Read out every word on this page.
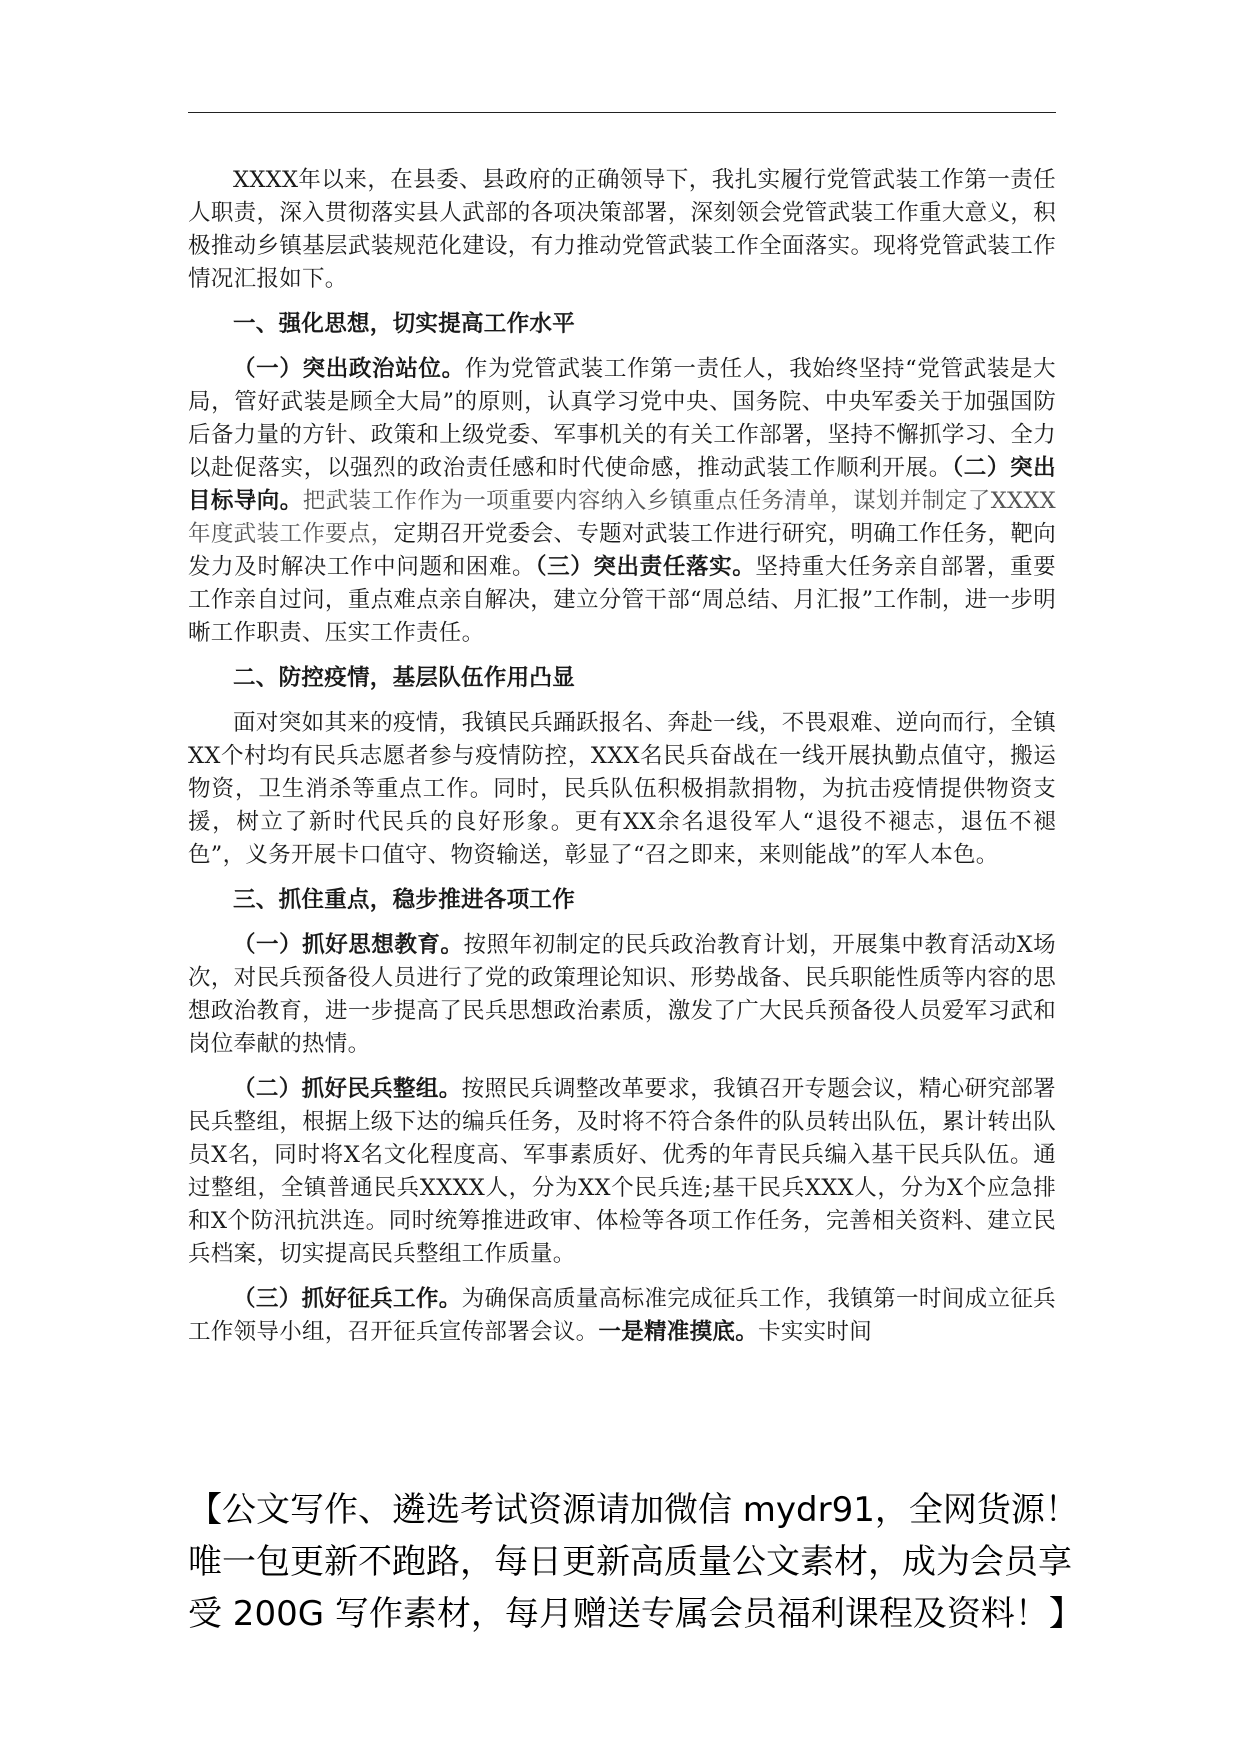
XXXX年以来，在县委、县政府的正确领导下，我扎实履行党管武装工作第一责任人职责，深入贯彻落实县人武部的各项决策部署，深刻领会党管武装工作重大意义，积极推动乡镇基层武装规范化建设，有力推动党管武装工作全面落实。现将党管武装工作情况汇报如下。

一、强化思想，切实提高工作水平

（一）突出政治站位。作为党管武装工作第一责任人，我始终坚持“党管武装是大局，管好武装是顾全大局”的原则，认真学习党中央、国务院、中央军委关于加强国防后备力量的方针、政策和上级党委、军事机关的有关工作部署，坚持不懈抓学习、全力以赴促落实，以强烈的政治责任感和时代使命感，推动武装工作顺利开展。（二）突出目标导向。把武装工作作为一项重要内容纳入乡镇重点任务清单，谋划并制定了XXXX年度武装工作要点，定期召开党委会、专题对武装工作进行研究，明确工作任务，靶向发力及时解决工作中问题和困难。（三）突出责任落实。坚持重大任务亲自部署，重要工作亲自过问，重点难点亲自解决，建立分管干部“周总结、月汇报”工作制，进一步明晰工作职责、压实工作责任。

二、防控疫情，基层队伍作用凸显

面对突如其来的疫情，我镇民兵踊跃报名、奔赴一线，不畏艰难、逆向而行，全镇XX个村均有民兵志愿者参与疫情防控，XXX名民兵奋战在一线开展执勤点值守，搬运物资，卫生消杀等重点工作。同时，民兵队伍积极捐款捐物，为抗击疫情提供物资支援，树立了新时代民兵的良好形象。更有XX余名退役军人“退役不褪志，退伍不褪色”，义务开展卡口值守、物资输送，彰显了“召之即来，来则能战”的军人本色。

三、抓住重点，稳步推进各项工作

（一）抓好思想教育。按照年初制定的民兵政治教育计划，开展集中教育活动X场次，对民兵预备役人员进行了党的政策理论知识、形势战备、民兵职能性质等内容的思想政治教育，进一步提高了民兵思想政治素质，激发了广大民兵预备役人员爱军习武和岗位奉献的热情。

（二）抓好民兵整组。按照民兵调整改革要求，我镇召开专题会议，精心研究部署民兵整组，根据上级下达的编兵任务，及时将不符合条件的队员转出队伍，累计转出队员X名，同时将X名文化程度高、军事素质好、优秀的年青民兵编入基干民兵队伍。通过整组，全镇普通民兵XXXX人，分为XX个民兵连;基干民兵XXX人，分为X个应急排和X个防汛抗洪连。同时统筹推进政审、体检等各项工作任务，完善相关资料、建立民兵档案，切实提高民兵整组工作质量。

（三）抓好征兵工作。为确保高质量高标准完成征兵工作，我镇第一时间成立征兵工作领导小组，召开征兵宣传部署会议。一是精准摸底。卡实实时间

【公文写作、遴选考试资源请加微信 mydr91，全网货源！唯一包更新不跑路，每日更新高质量公文素材，成为会员享受 200G 写作素材，每月赠送专属会员福利课程及资料！】
